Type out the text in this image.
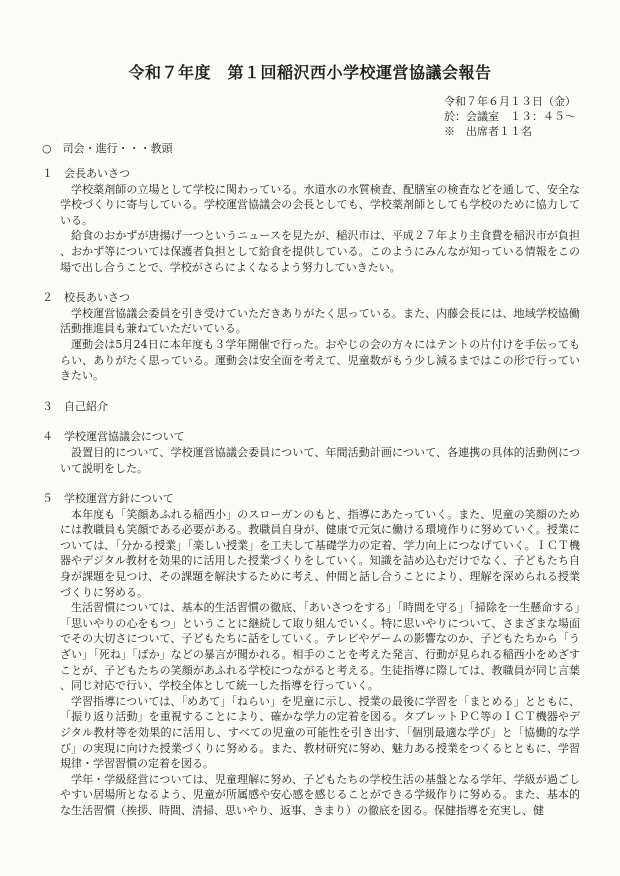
令和７年度　第１回稲沢西小学校運営協議会報告
令和７年６月１３日（金）
於：会議室　１３：４５～
※　出席者１１名
○　司会・進行・・・教頭
１　会長あいさつ

学校薬剤師の立場として学校に関わっている。水道水の水質検査、配膳室の検査などを通して、安全な学校づくりに寄与している。学校運営協議会の会長としても、学校薬剤師としても学校のために協力している。

給食のおかずが唐揚げ一つというニュースを見たが、稲沢市は、平成２７年より主食費を稲沢市が負担、おかず等については保護者負担として給食を提供している。このようにみんなが知っている情報をこの場で出し合うことで、学校がさらによくなるよう努力していきたい。

２　校長あいさつ

学校運営協議会委員を引き受けていただきありがたく思っている。また、内藤会長には、地域学校協働活動推進員も兼ねていただいている。

運動会は5月24日に本年度も３学年開催で行った。おやじの会の方々にはテントの片付けを手伝ってもらい、ありがたく思っている。運動会は安全面を考えて、児童数がもう少し減るまではこの形で行っていきたい。

３　自己紹介
４　学校運営協議会について

設置目的について、学校運営協議会委員について、年間活動計画について、各連携の具体的活動例について説明をした。

５　学校運営方針について

本年度も「笑顔あふれる稲西小」のスローガンのもと、指導にあたっていく。また、児童の笑顔のためには教職員も笑顔である必要がある。教職員自身が、健康で元気に働ける環境作りに努めていく。授業については、「分かる授業」「楽しい授業」を工夫して基礎学力の定着、学力向上につなげていく。ＩＣＴ機器やデジタル教材を効果的に活用した授業づくりをしていく。知識を詰め込むだけでなく、子どもたち自身が課題を見つけ、その課題を解決するために考え、仲間と話し合うことにより、理解を深められる授業づくりに努める。

生活習慣については、基本的生活習慣の徹底、「あいさつをする」「時間を守る」「掃除を一生懸命する」「思いやりの心をもつ」ということに継続して取り組んでいく。特に思いやりについて、さまざまな場面でその大切さについて、子どもたちに話をしていく。テレビやゲームの影響なのか、子どもたちから「うざい」「死ね」「ばか」などの暴言が聞かれる。相手のことを考えた発言、行動が見られる稲西小をめざすことが、子どもたちの笑顔があふれる学校につながると考える。生徒指導に際しては、教職員が同じ言葉、同じ対応で行い、学校全体として統一した指導を行っていく。

学習指導については、「めあて」「ねらい」を児童に示し、授業の最後に学習を「まとめる」とともに、「振り返り活動」を重視することにより、確かな学力の定着を図る。タブレットＰＣ等のＩＣＴ機器やデジタル教材等を効果的に活用し、すべての児童の可能性を引き出す、「個別最適な学び」と「協働的な学び」の実現に向けた授業づくりに努める。また、教材研究に努め、魅力ある授業をつくるとともに、学習規律・学習習慣の定着を図る。

学年・学級経営については、児童理解に努め、子どもたちの学校生活の基盤となる学年、学級が過ごしやすい居場所となるよう、児童が所属感や安心感を感じることができる学級作りに努める。また、基本的な生活習慣（挨拶、時間、清掃、思いやり、返事、きまり）の徹底を図る。保健指導を充実し、健
